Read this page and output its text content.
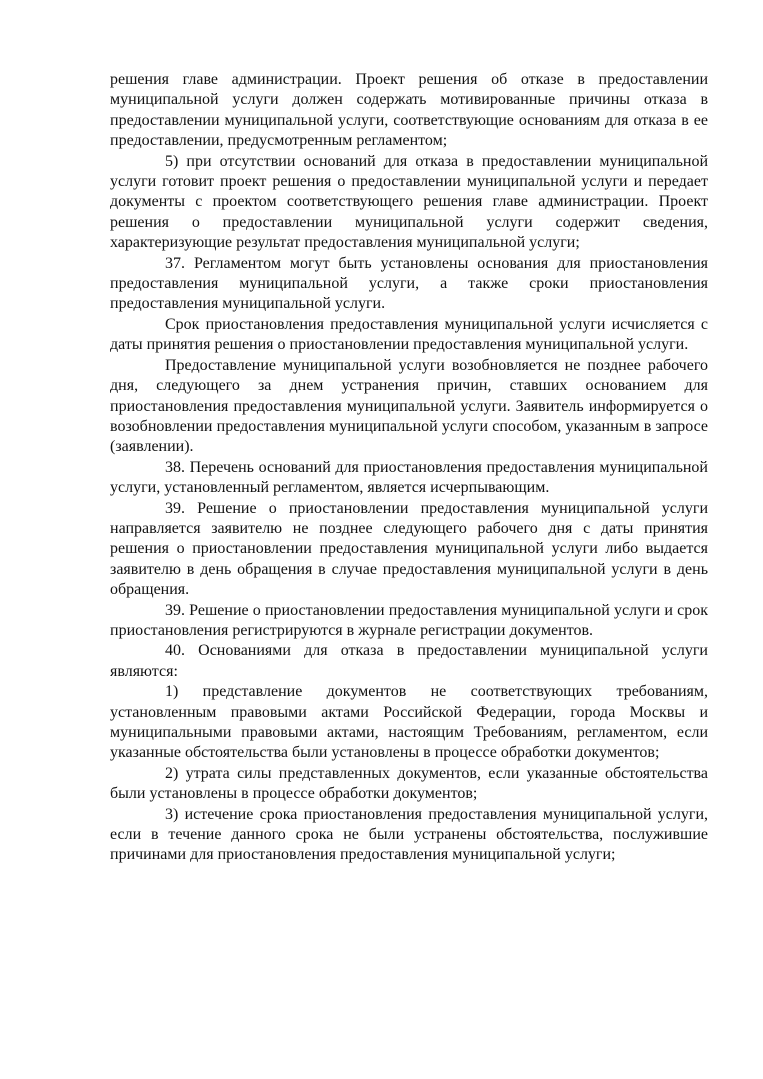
решения главе администрации. Проект решения об отказе в предоставлении муниципальной услуги должен содержать мотивированные причины отказа в предоставлении муниципальной услуги, соответствующие основаниям для отказа в ее предоставлении, предусмотренным регламентом;

5) при отсутствии оснований для отказа в предоставлении муниципальной услуги готовит проект решения о предоставлении муниципальной услуги и передает документы с проектом соответствующего решения главе администрации. Проект решения о предоставлении муниципальной услуги содержит сведения, характеризующие результат предоставления муниципальной услуги;

37. Регламентом могут быть установлены основания для приостановления предоставления муниципальной услуги, а также сроки приостановления предоставления муниципальной услуги.

Срок приостановления предоставления муниципальной услуги исчисляется с даты принятия решения о приостановлении предоставления муниципальной услуги.

Предоставление муниципальной услуги возобновляется не позднее рабочего дня, следующего за днем устранения причин, ставших основанием для приостановления предоставления муниципальной услуги. Заявитель информируется о возобновлении предоставления муниципальной услуги способом, указанным в запросе (заявлении).

38. Перечень оснований для приостановления предоставления муниципальной услуги, установленный регламентом, является исчерпывающим.

39. Решение о приостановлении предоставления муниципальной услуги направляется заявителю не позднее следующего рабочего дня с даты принятия решения о приостановлении предоставления муниципальной услуги либо выдается заявителю в день обращения в случае предоставления муниципальной услуги в день обращения.

39. Решение о приостановлении предоставления муниципальной услуги и срок приостановления регистрируются в журнале регистрации документов.

40. Основаниями для отказа в предоставлении муниципальной услуги являются:

1) представление документов не соответствующих требованиям, установленным правовыми актами Российской Федерации, города Москвы и муниципальными правовыми актами, настоящим Требованиям, регламентом, если указанные обстоятельства были установлены в процессе обработки документов;

2) утрата силы представленных документов, если указанные обстоятельства были установлены в процессе обработки документов;

3) истечение срока приостановления предоставления муниципальной услуги, если в течение данного срока не были устранены обстоятельства, послужившие причинами для приостановления предоставления муниципальной услуги;
